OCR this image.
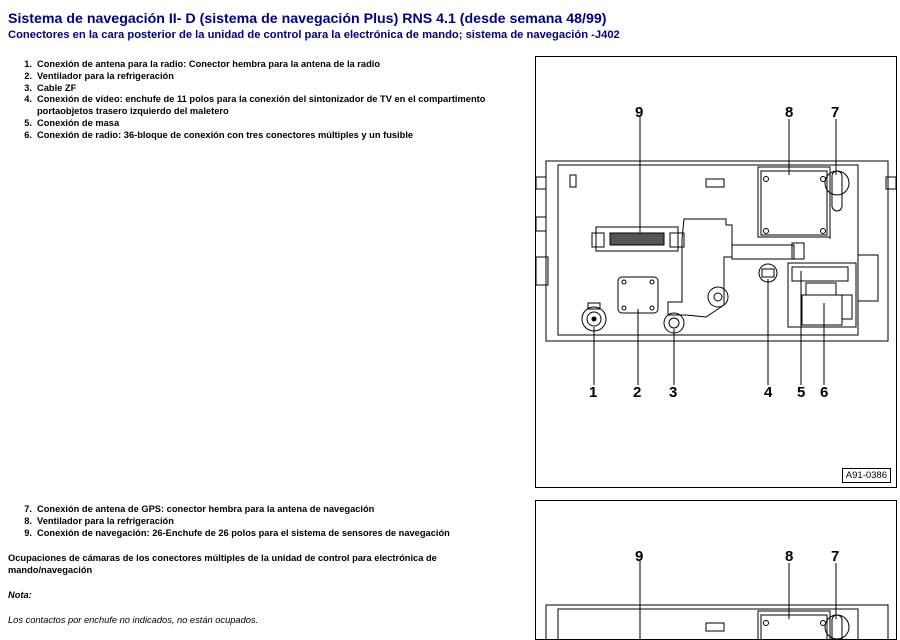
Sistema de navegación II- D (sistema de navegación Plus) RNS 4.1 (desde semana 48/99)
Conectores en la cara posterior de la unidad de control para la electrónica de mando; sistema de navegación -J402
1. Conexión de antena para la radio: Conector hembra para la antena de la radio
2. Ventilador para la refrigeración
3. Cable ZF
4. Conexión de vídeo: enchufe de 11 polos para la conexión del sintonizador de TV en el compartimento portaobjetos trasero izquierdo del maletero
5. Conexión de masa
6. Conexión de radio: 36-bloque de conexión con tres conectores múltiples y un fusible
7. Conexión de antena de GPS: conector hembra para la antena de navegación
8. Ventilador para la refrigeración
9. Conexión de navegación: 26-Enchufe de 26 polos para el sistema de sensores de navegación
Ocupaciones de cámaras de los conectores múltiples de la unidad de control para electrónica de mando/navegación
Nota:
Los contactos por enchufe no indicados, no están ocupados.
9	8	7
1 2 3	4 5 6
A91-0386
9	8	7
